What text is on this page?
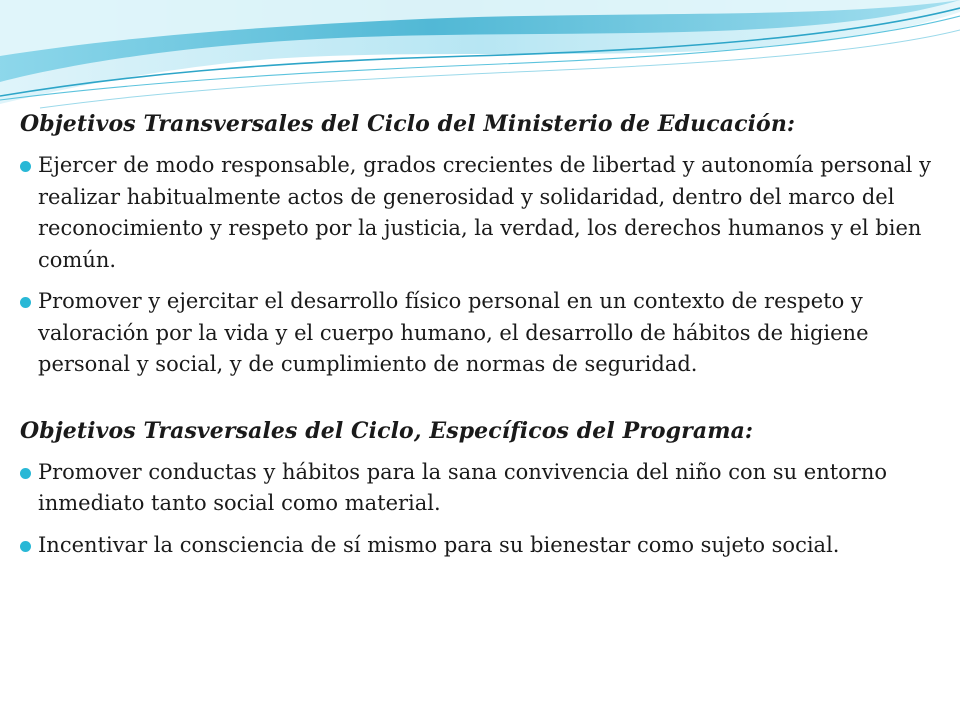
Objetivos Transversales del Ciclo del Ministerio de Educación:
Ejercer de modo responsable, grados crecientes de libertad y autonomía personal y realizar habitualmente actos de generosidad y solidaridad, dentro del marco del reconocimiento y respeto por la justicia, la verdad, los derechos humanos y el bien común.
Promover y ejercitar el desarrollo físico personal en un contexto de respeto y valoración por la vida y el cuerpo humano, el desarrollo de hábitos de higiene personal y social, y de cumplimiento de normas de seguridad.
Objetivos Trasversales del Ciclo, Específicos del Programa:
Promover conductas y hábitos para la sana convivencia del niño con su entorno inmediato tanto social como material.
Incentivar la consciencia de sí mismo para su bienestar como sujeto social.
